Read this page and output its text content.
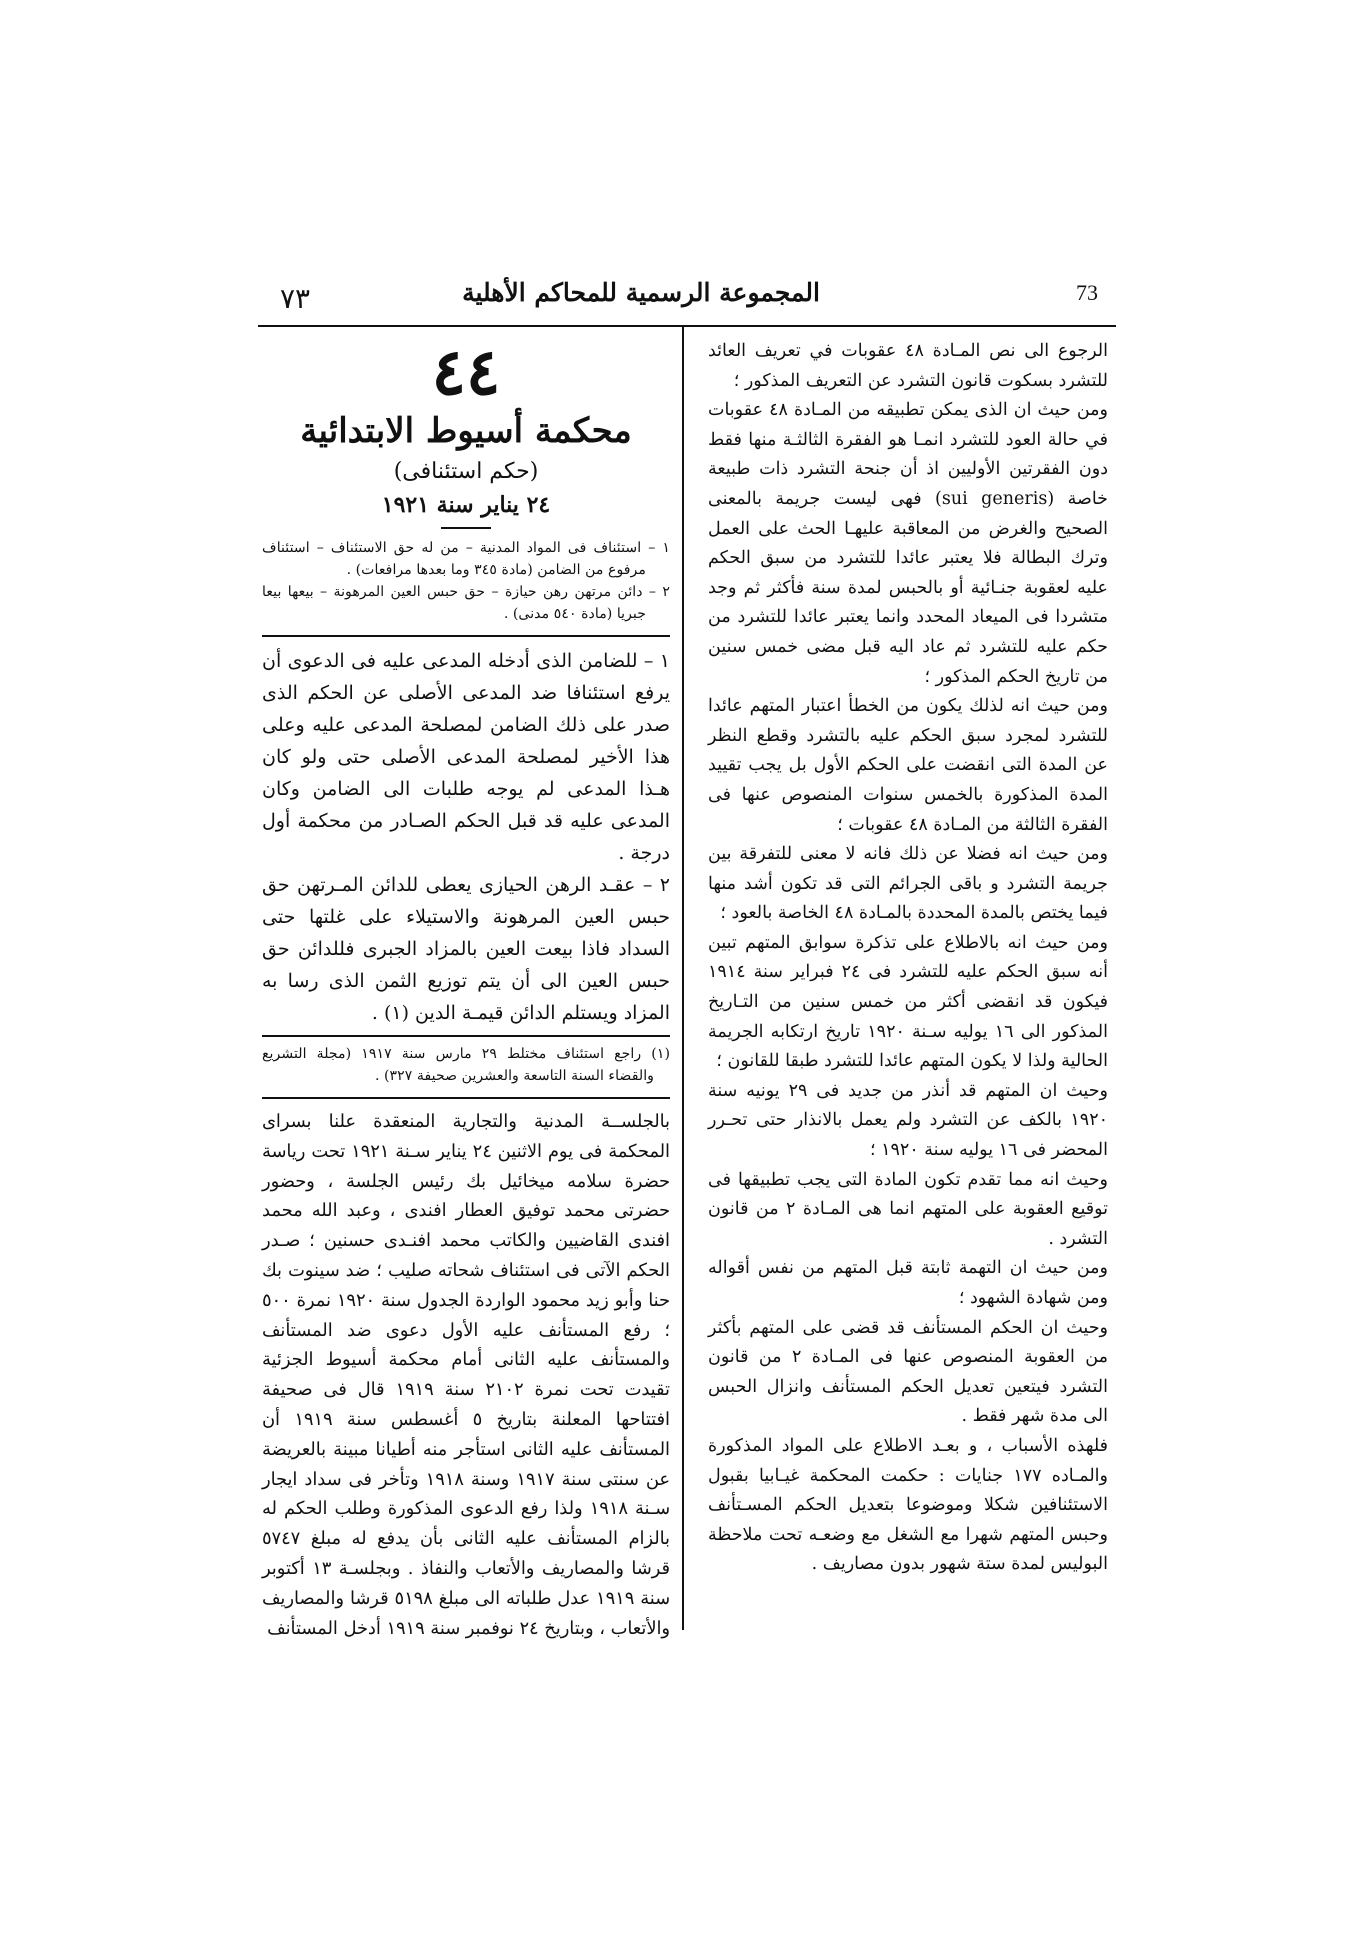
٧٣	المجموعة الرسمية للمحاكم الأهلية	73

الرجوع الى نص المـادة ٤٨ عقوبات في تعريف العائد للتشرد بسكوت قانون التشرد عن التعريف المذكور ؛

ومن حيث ان الذى يمكن تطبيقه من المـادة ٤٨ عقوبات في حالة العود للتشرد انمـا هو الفقرة الثالثـة منها فقط دون الفقرتين الأوليين اذ أن جنحة التشرد ذات طبيعة خاصة (sui generis) فهى ليست جريمة بالمعنى الصحيح والغرض من المعاقبة عليهـا الحث على العمل وترك البطالة فلا يعتبر عائدا للتشرد من سبق الحكم عليه لعقوبة جنـائية أو بالحبس لمدة سنة فأكثر ثم وجد متشردا فى الميعاد المحدد وانما يعتبر عائدا للتشرد من حكم عليه للتشرد ثم عاد اليه قبل مضى خمس سنين من تاريخ الحكم المذكور ؛

ومن حيث انه لذلك يكون من الخطأ اعتبار المتهم عائدا للتشرد لمجرد سبق الحكم عليه بالتشرد وقطع النظر عن المدة التى انقضت على الحكم الأول بل يجب تقييد المدة المذكورة بالخمس سنوات المنصوص عنها فى الفقرة الثالثة من المـادة ٤٨ عقوبات ؛

ومن حيث انه فضلا عن ذلك فانه لا معنى للتفرقة بين جريمة التشرد و باقى الجرائم التى قد تكون أشد منها فيما يختص بالمدة المحددة بالمـادة ٤٨ الخاصة بالعود ؛

ومن حيث انه بالاطلاع على تذكرة سوابق المتهم تبين أنه سبق الحكم عليه للتشرد فى ٢٤ فبراير سنة ١٩١٤ فيكون قد انقضى أكثر من خمس سنين من التـاريخ المذكور الى ١٦ يوليه سـنة ١٩٢٠ تاريخ ارتكابه الجريمة الحالية ولذا لا يكون المتهم عائدا للتشرد طبقا للقانون ؛

وحيث ان المتهم قد أنذر من جديد فى ٢٩ يونيه سنة ١٩٢٠ بالكف عن التشرد ولم يعمل بالانذار حتى تحـرر المحضر فى ١٦ يوليه سنة ١٩٢٠ ؛

وحيث انه مما تقدم تكون المادة التى يجب تطبيقها فى توقيع العقوبة على المتهم انما هى المـادة ٢ من قانون التشرد .

ومن حيث ان التهمة ثابتة قبل المتهم من نفس أقواله ومن شهادة الشهود ؛

وحيث ان الحكم المستأنف قد قضى على المتهم بأكثر من العقوبة المنصوص عنها فى المـادة ٢ من قانون التشرد فيتعين تعديل الحكم المستأنف وانزال الحبس الى مدة شهر فقط .

فلهذه الأسباب ، و بعـد الاطلاع على المواد المذكورة والمـاده ١٧٧ جنايات : حكمت المحكمة غيـابيا بقبول الاستئنافين شكلا وموضوعا بتعديل الحكم المسـتأنف وحبس المتهم شهرا مع الشغل مع وضعـه تحت ملاحظة البوليس لمدة ستة شهور بدون مصاريف .

٤٤
محكمة أسيوط الابتدائية
(حكم استئنافى)
٢٤ يناير سنة ١٩٢١
١ – استئناف فى المواد المدنية – من له حق الاستئناف – استئناف مرفوع من الضامن (مادة ٣٤٥ وما بعدها مرافعات) .
٢ – دائن مرتهن رهن حيازة – حق حبس العين المرهونة – بيعها بيعا جبريا (مادة ٥٤٠ مدنى) .

١ – للضامن الذى أدخله المدعى عليه فى الدعوى أن يرفع استئنافا ضد المدعى الأصلى عن الحكم الذى صدر على ذلك الضامن لمصلحة المدعى عليه وعلى هذا الأخير لمصلحة المدعى الأصلى حتى ولو كان هـذا المدعى لم يوجه طلبات الى الضامن وكان المدعى عليه قد قبل الحكم الصـادر من محكمة أول درجة .

٢ – عقـد الرهن الحيازى يعطى للدائن المـرتهن حق حبس العين المرهونة والاستيلاء على غلتها حتى السداد فاذا بيعت العين بالمزاد الجبرى فللدائن حق حبس العين الى أن يتم توزيع الثمن الذى رسا به المزاد ويستلم الدائن قيمـة الدين (١) .

(١) راجع استئناف مختلط ٢٩ مارس سنة ١٩١٧ (مجلة التشريع والقضاء السنة التاسعة والعشرين صحيفة ٣٢٧) .

بالجلســة المدنية والتجارية المنعقدة علنا بسراى المحكمة فى يوم الاثنين ٢٤ يناير سـنة ١٩٢١ تحت رياسة حضرة سلامه ميخائيل بك رئيس الجلسة ، وحضور حضرتى محمد توفيق العطار افندى ، وعبد الله محمد افندى القاضيين والكاتب محمد افنـدى حسنين ؛ صـدر الحكم الآتى فى استئناف شحاته صليب ؛ ضد سينوت بك حنا وأبو زيد محمود الواردة الجدول سنة ١٩٢٠ نمرة ٥٠٠ ؛ رفع المستأنف عليه الأول دعوى ضد المستأنف والمستأنف عليه الثانى أمام محكمة أسيوط الجزئية تقيدت تحت نمرة ٢١٠٢ سنة ١٩١٩ قال فى صحيفة افتتاحها المعلنة بتاريخ ٥ أغسطس سنة ١٩١٩ أن المستأنف عليه الثانى استأجر منه أطيانا مبينة بالعريضة عن سنتى سنة ١٩١٧ وسنة ١٩١٨ وتأخر فى سداد ايجار سـنة ١٩١٨ ولذا رفع الدعوى المذكورة وطلب الحكم له بالزام المستأنف عليه الثانى بأن يدفع له مبلغ ٥٧٤٧ قرشا والمصاريف والأتعاب والنفاذ . وبجلسـة ١٣ أكتوبر سنة ١٩١٩ عدل طلباته الى مبلغ ٥١٩٨ قرشا والمصاريف والأتعاب ، وبتاريخ ٢٤ نوفمبر سنة ١٩١٩ أدخل المستأنف
